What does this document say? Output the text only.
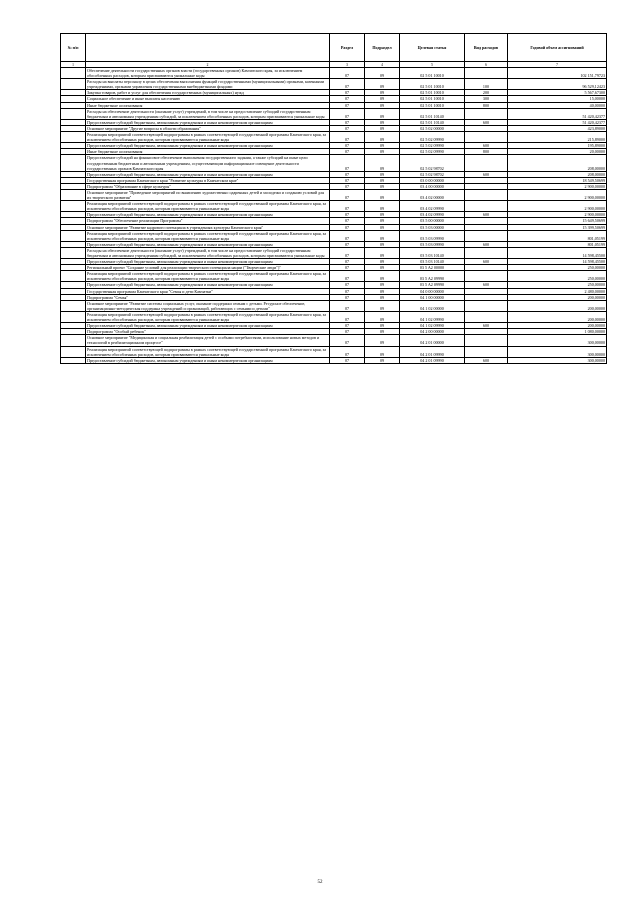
№ п/п		Раздел	Подраздел	Целевая статья	Вид расходов	Годовой объем ассигнований
1	2	3	4	5	6	7
	Обеспечение деятельности государственных органов власти (государственных органов) Камчатского края, за исключением обособленных расходов, которым присваиваются уникальные коды	07	09	02 5 01 10010		102 151,79723
	Расходы на выплаты персоналу в целях обеспечения выполнения функций государственными (муниципальными) органами, казенными учреждениями, органами управления государственными внебюджетными фондами	07	09	02 5 01 10010	100	96 529,12423
	Закупка товаров, работ и услуг для обеспечения государственных (муниципальных) нужд	07	09	02 5 01 10010	200	5 567,67300
	Социальное обеспечение и иные выплаты населению	07	09	02 5 01 10010	300	15,00000
	Иные бюджетные ассигнования	07	09	02 5 01 10010	800	40,00000
	Расходы на обеспечение деятельности (оказание услуг) учреждений, в том числе на предоставление субсидий государственным бюджетным и автономным учреждениям субсидий, за исключением обособленных расходов, которым присваиваются уникальные коды	07	09	02 5 01 10140		51 420,42377
	Предоставление субсидий бюджетным, автономным учреждениям и иным некоммерческим организациям	07	09	02 5 01 10140	600	51 420,42377
	Основное мероприятие "Другие вопросы в области образования"	07	09	02 5 02 00000		423,89000
	Реализация мероприятий соответствующей подпрограммы в рамках соответствующей государственной программы Камчатского края, за исключением обособленных расходов, которым присваиваются уникальные коды	07	09	02 5 02 09990		215,89000
	Предоставление субсидий бюджетным, автономным учреждениям и иным некоммерческим организациям	07	09	02 5 02 09990	600	195,89000
	Иные бюджетные ассигнования	07	09	02 5 02 09990	800	20,00000
	Предоставление субсидий на финансовое обеспечение выполнения государственного задания, а также субсидий на иные цели государственным бюджетным и автономным учреждениям, осуществляющим информационное освещение деятельности государственных органов Камчатского края	07	09	02 5 02 98702		208,00000
	Предоставление субсидий бюджетным, автономным учреждениям и иным некоммерческим организациям	07	09	02 5 02 98702	600	208,00000
	Государственная программа Камчатского края "Развитие культуры в Камчатском крае"	07	09	03 0 00 00000		18 549,50699
	Подпрограмма "Образование в сфере культуры"	07	09	03 4 00 00000		2 900,00000
	Основное мероприятие "Проведение мероприятий по выявлению художественно одаренных детей и молодежи и созданию условий для их творческого развития"	07	09	03 4 02 00000		2 900,00000
	Реализация мероприятий соответствующей подпрограммы в рамках соответствующей государственной программы Камчатского края, за исключением обособленных расходов, которым присваиваются уникальные коды	07	09	03 4 02 09990		2 900,00000
	Предоставление субсидий бюджетным, автономным учреждениям и иным некоммерческим организациям	07	09	03 4 02 09990	600	2 900,00000
	Подпрограмма "Обеспечение реализации Программы"	07	09	03 5 00 00000		15 649,50699
	Основное мероприятие "Развитие кадрового потенциала в учреждениях культуры Камчатского края"	07	09	03 5 03 00000		15 399,50699
	Реализация мероприятий соответствующей подпрограммы в рамках соответствующей государственной программы Камчатского края, за исключением обособленных расходов, которым присваиваются уникальные коды	07	09	03 5 03 09990		801,05199
	Предоставление субсидий бюджетным, автономным учреждениям и иным некоммерческим организациям	07	09	03 5 03 09990	600	801,05199
	Расходы на обеспечение деятельности (оказание услуг) учреждений, в том числе на предоставление субсидий государственным бюджетным и автономным учреждениям субсидий, за исключением обособленных расходов, которым присваиваются уникальные коды	07	09	03 5 03 10140		14 598,45500
	Предоставление субсидий бюджетным, автономным учреждениям и иным некоммерческим организациям	07	09	03 5 03 10140	600	14 598,45500
	Региональный проект "Создание условий для реализации творческого потенциала нации ("Творческие люди")"	07	09	03 5 A2 00000		250,00000
	Реализация мероприятий соответствующей подпрограммы в рамках соответствующей государственной программы Камчатского края, за исключением обособленных расходов, которым присваиваются уникальные коды	07	09	03 5 A2 09990		250,00000
	Предоставление субсидий бюджетным, автономным учреждениям и иным некоммерческим организациям	07	09	03 5 A2 09990	600	250,00000
	Государственная программа Камчатского края "Семья и дети Камчатки"	07	09	04 0 00 00000		2 480,00000
	Подпрограмма "Семья"	07	09	04 1 00 00000		200,00000
	Основное мероприятие "Развитие системы социальных услуг, оказание поддержки семьям с детьми. Ресурсное обеспечение, организационно-методическая поддержка учреждений и организаций, работающих с семьями и детьми"	07	09	04 1 02 00000		200,00000
	Реализация мероприятий соответствующей подпрограммы в рамках соответствующей государственной программы Камчатского края, за исключением обособленных расходов, которым присваиваются уникальные коды	07	09	04 1 02 09990		200,00000
	Предоставление субсидий бюджетным, автономным учреждениям и иным некоммерческим организациям	07	09	04 1 02 09990	600	200,00000
	Подпрограмма "Особый ребенок"	07	09	04 2 00 00000		1 080,00000
	Основное мероприятие "Медицинская и социальная реабилитация детей с особыми потребностями, использование новых методов и технологий в реабилитационном процессе"	07	09	04 2 01 00000		300,00000
	Реализация мероприятий соответствующей подпрограммы в рамках соответствующей государственной программы Камчатского края, за исключением обособленных расходов, которым присваиваются уникальные коды	07	09	04 2 01 09990		300,00000
	Предоставление субсидий бюджетным, автономным учреждениям и иным некоммерческим организациям	07	09	04 2 01 09990	600	300,00000
52
